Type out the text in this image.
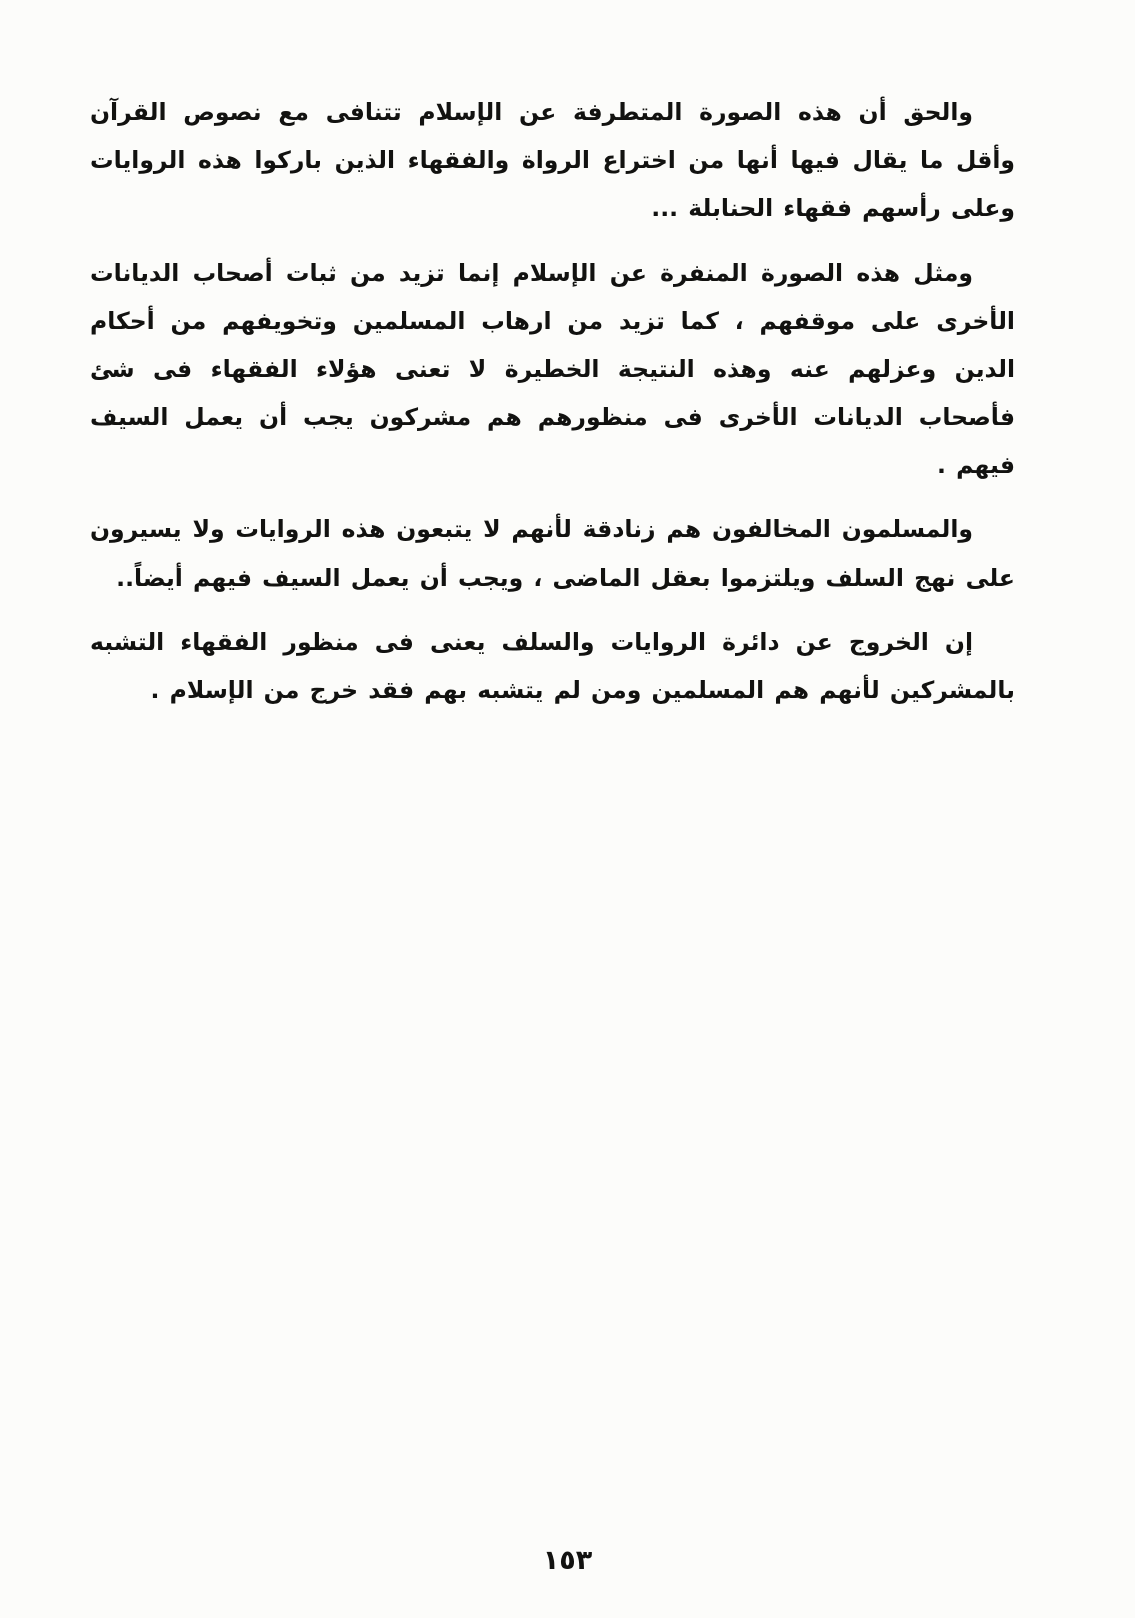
والحق أن هذه الصورة المتطرفة عن الإسلام تتنافى مع نصوص القرآن وأقل ما يقال فيها أنها من اختراع الرواة والفقهاء الذين باركوا هذه الروايات وعلى رأسهم فقهاء الحنابلة ...

ومثل هذه الصورة المنفرة عن الإسلام إنما تزيد من ثبات أصحاب الديانات الأخرى على موقفهم ، كما تزيد من ارهاب المسلمين وتخويفهم من أحكام الدين وعزلهم عنه وهذه النتيجة الخطيرة لا تعنى هؤلاء الفقهاء فى شئ فأصحاب الديانات الأخرى فى منظورهم هم مشركون يجب أن يعمل السيف فيهم .

والمسلمون المخالفون هم زنادقة لأنهم لا يتبعون هذه الروايات ولا يسيرون على نهج السلف ويلتزموا بعقل الماضى ، ويجب أن يعمل السيف فيهم أيضاً..

إن الخروج عن دائرة الروايات والسلف يعنى فى منظور الفقهاء التشبه بالمشركين لأنهم هم المسلمين ومن لم يتشبه بهم فقد خرج من الإسلام .

١٥٣
